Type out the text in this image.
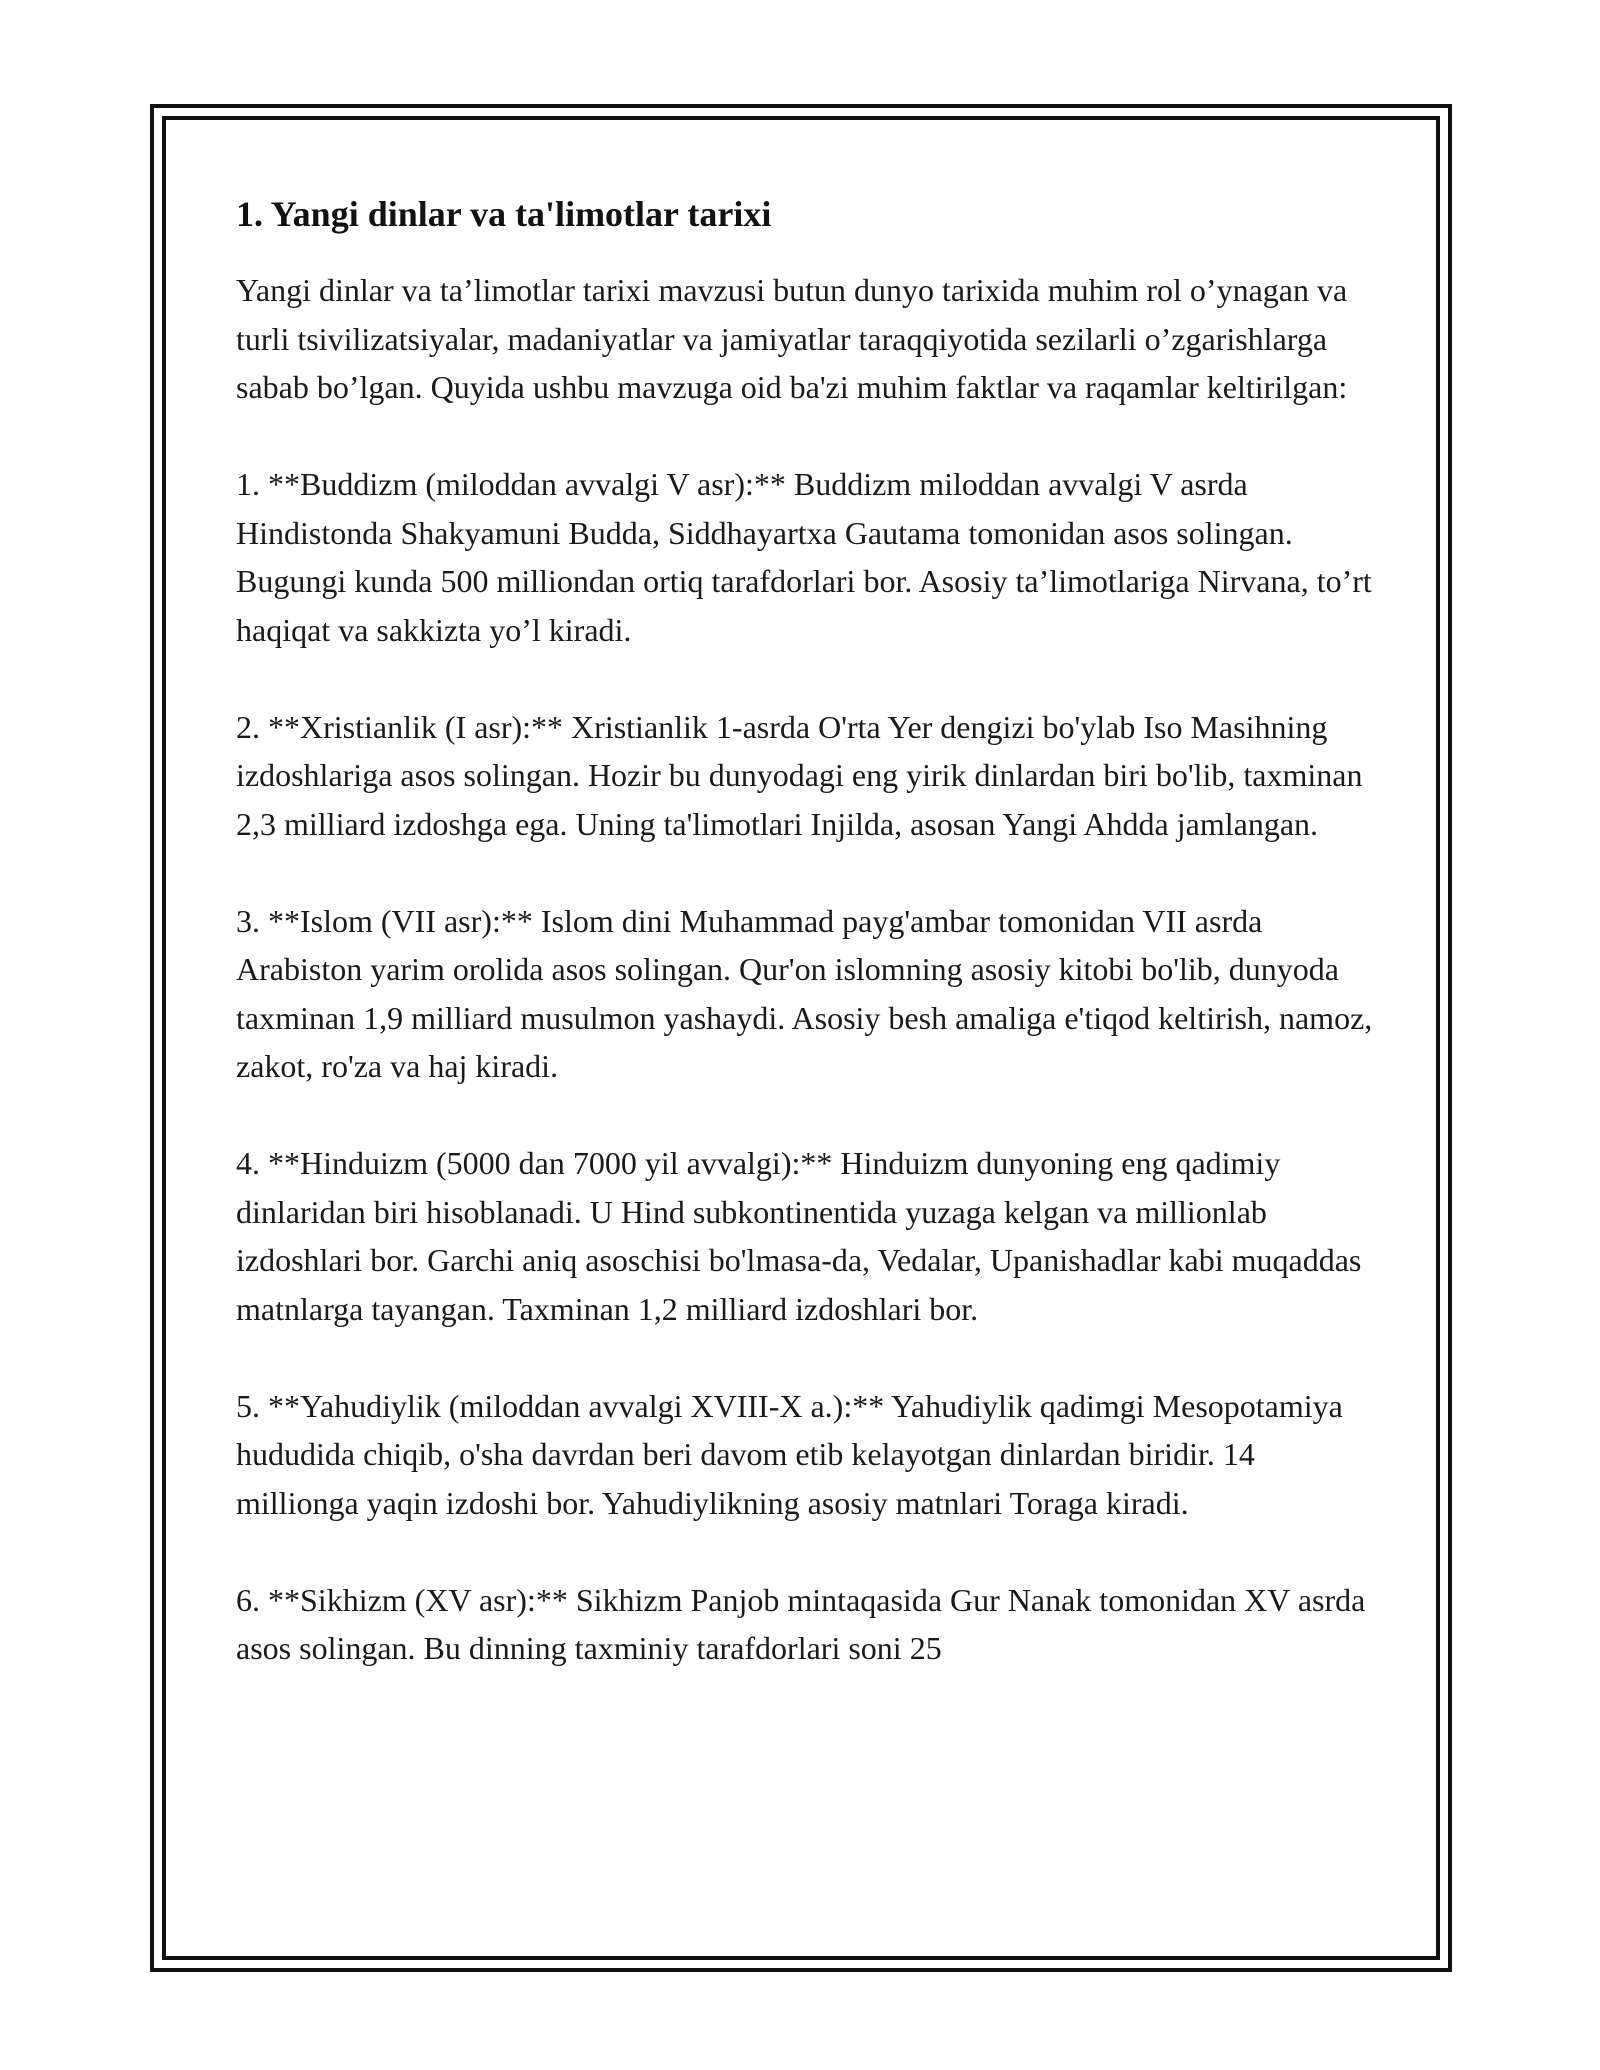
1. Yangi dinlar va ta'limotlar tarixi

Yangi dinlar va ta’limotlar tarixi mavzusi butun dunyo tarixida muhim rol o’ynagan va turli tsivilizatsiyalar, madaniyatlar va jamiyatlar taraqqiyotida sezilarli o’zgarishlarga sabab bo’lgan. Quyida ushbu mavzuga oid ba'zi muhim faktlar va raqamlar keltirilgan:

1. **Buddizm (miloddan avvalgi V asr):** Buddizm miloddan avvalgi V asrda Hindistonda Shakyamuni Budda, Siddhayartxa Gautama tomonidan asos solingan. Bugungi kunda 500 milliondan ortiq tarafdorlari bor. Asosiy ta’limotlariga Nirvana, to’rt haqiqat va sakkizta yo’l kiradi.

2. **Xristianlik (I asr):** Xristianlik 1-asrda O'rta Yer dengizi bo'ylab Iso Masihning izdoshlariga asos solingan. Hozir bu dunyodagi eng yirik dinlardan biri bo'lib, taxminan 2,3 milliard izdoshga ega. Uning ta'limotlari Injilda, asosan Yangi Ahdda jamlangan.

3. **Islom (VII asr):** Islom dini Muhammad payg'ambar tomonidan VII asrda Arabiston yarim orolida asos solingan. Qur'on islomning asosiy kitobi bo'lib, dunyoda taxminan 1,9 milliard musulmon yashaydi. Asosiy besh amaliga e'tiqod keltirish, namoz, zakot, ro'za va haj kiradi.

4. **Hinduizm (5000 dan 7000 yil avvalgi):** Hinduizm dunyoning eng qadimiy dinlaridan biri hisoblanadi. U Hind subkontinentida yuzaga kelgan va millionlab izdoshlari bor. Garchi aniq asoschisi bo'lmasa-da, Vedalar, Upanishadlar kabi muqaddas matnlarga tayangan. Taxminan 1,2 milliard izdoshlari bor.

5. **Yahudiylik (miloddan avvalgi XVIII-X a.):** Yahudiylik qadimgi Mesopotamiya hududida chiqib, o'sha davrdan beri davom etib kelayotgan dinlardan biridir. 14 millionga yaqin izdoshi bor. Yahudiylikning asosiy matnlari Toraga kiradi.

6. **Sikhizm (XV asr):** Sikhizm Panjob mintaqasida Gur Nanak tomonidan XV asrda asos solingan. Bu dinning taxminiy tarafdorlari soni 25
